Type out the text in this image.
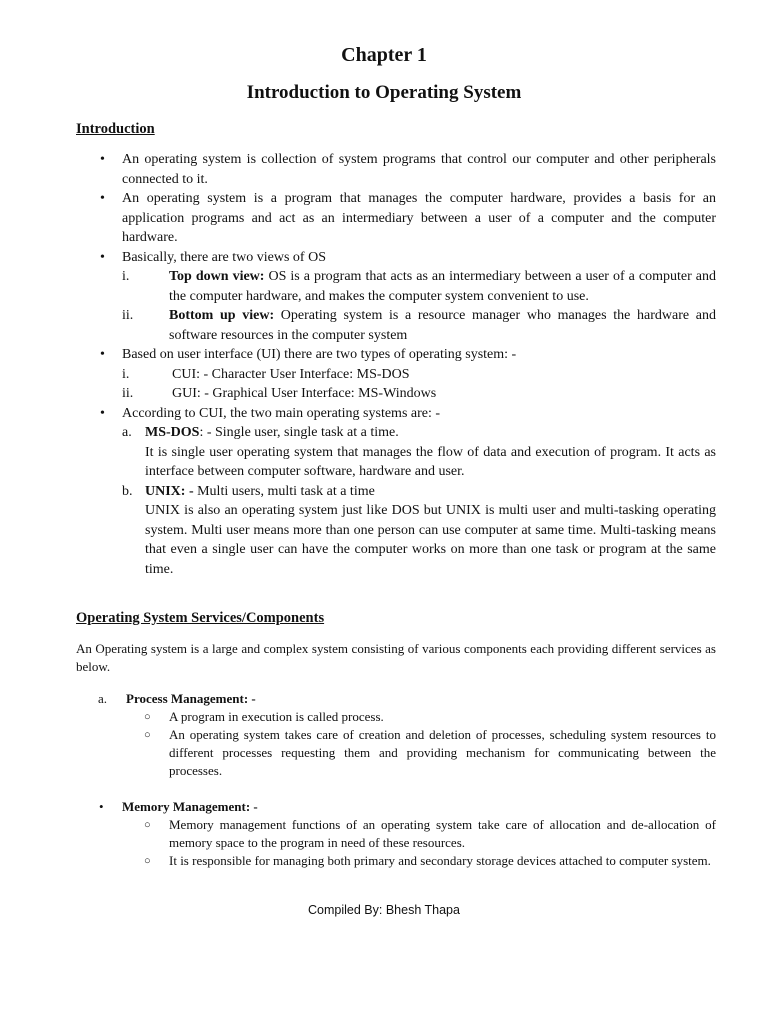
Chapter 1
Introduction to Operating System
Introduction
• An operating system is collection of system programs that control our computer and other peripherals connected to it.
• An operating system is a program that manages the computer hardware, provides a basis for an application programs and act as an intermediary between a user of a computer and the computer hardware.
• Basically, there are two views of OS
i.	Top down view: OS is a program that acts as an intermediary between a user of a computer and the computer hardware, and makes the computer system convenient to use.
ii.	Bottom up view: Operating system is a resource manager who manages the hardware and software resources in the computer system
• Based on user interface (UI) there are two types of operating system: -
i.	CUI: - Character User Interface: MS-DOS
ii.	GUI: - Graphical User Interface: MS-Windows
• According to CUI, the two main operating systems are: -
a. MS-DOS: - Single user, single task at a time.
It is single user operating system that manages the flow of data and execution of program. It acts as interface between computer software, hardware and user.
b. UNIX: - Multi users, multi task at a time
UNIX is also an operating system just like DOS but UNIX is multi user and multi-tasking operating system. Multi user means more than one person can use computer at same time. Multi-tasking means that even a single user can have the computer works on more than one task or program at the same time.
Operating System Services/Components

An Operating system is a large and complex system consisting of various components each providing different services as below.

a. Process Management: -
○ A program in execution is called process.
○ An operating system takes care of creation and deletion of processes, scheduling system resources to different processes requesting them and providing mechanism for communicating between the processes.
• Memory Management: -
○ Memory management functions of an operating system take care of allocation and de-allocation of memory space to the program in need of these resources.
○ It is responsible for managing both primary and secondary storage devices attached to computer system.
Compiled By: Bhesh Thapa
